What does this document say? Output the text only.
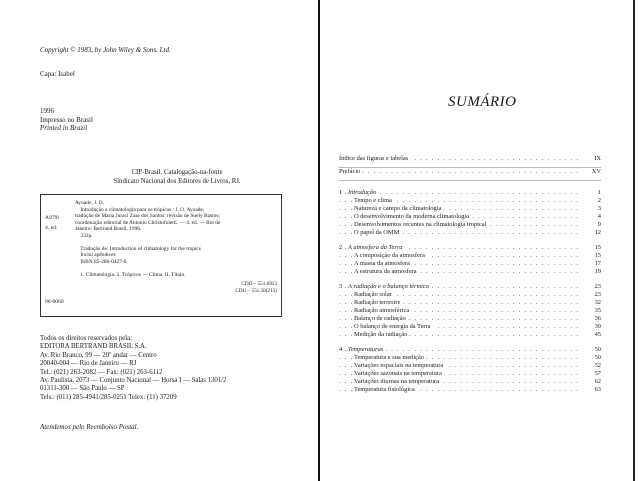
Copyright © 1983, by John Wiley & Sons. Ltd.
Capa: Isabel
1996
Impresso no Brasil
Printed in Brazil
CIP-Brasil. Catalogação-na-fonte
Sindicato Nacional dos Editores de Livros, RJ.
A979i
4. ed.
96-0060
Ayoade, J. O.
Introdução a climatologia para os trópicos / J. O. Ayoade;
tradução de Maria Juraci Zani dos Santos; revisão de Suely Bastos;
coordenação editorial de Antonio Christofoletti. — 4. ed. — Rio de
Janeiro: Bertrand Brasil, 1996.
332p.

Tradução de: Introduction of climatology for the tropics
Inclui apêndices
ISBN 85-286-0427-6

1. Climatologia. 2. Trópicos — Clima. II. Título.
CDD – 551.6913
CDU – 551.58(213)
Todos os direitos reservados pela:
EDITORA BERTRAND BRASIL S.A.
Av. Rio Branco, 99 — 20º andar — Centro
20040-004 — Rio de Janeiro — RJ
Tel.: (021) 263-2082 — Fax: (021) 263-6112
Av. Paulista, 2073 — Conjunto Nacional — Horsa I — Salas 1301/2
01311-300 — São Paulo — SP
Tels.: (011) 285-4941/285-0251 Telex: (11) 37209
Atendemos pelo Reembolso Postal.
SUMÁRIO
. . .
Índice das figuras e tabelas	IX
. . .
Prefácio	XV
. . .
1 Introdução	1
. . .
Tempo e clima	2
. . .
Natureza e campo da climatologia	3
. . .
O desenvolvimento da moderna climatologia	4
. . .
Desenvolvimentos recentes na climatologia tropical	9
. . .
O papel da OMM	12
. . .
2 A atmosfera da Terra	15
. . .
A composição da atmosfera	15
. . .
A massa da atmosfera	17
. . .
A estrutura da atmosfera	19
. . .
3 A radiação e o balanço térmico	23
. . .
Radiação solar	23
. . .
Radiação terrestre	32
. . .
Radiação atmosférica	35
. . .
Balanço de radiação	36
. . .
O balanço de energia da Terra	39
. . .
Medição da radiação	45
. . .
4 Temperaturas	50
. . .
Temperatura e sua medição	50
. . .
Variações espaciais na temperatura	52
. . .
Variações sazonais na temperatura	57
. . .
Variações diurnas na temperatura	62
. . .
Temperatura fisiológica	63
